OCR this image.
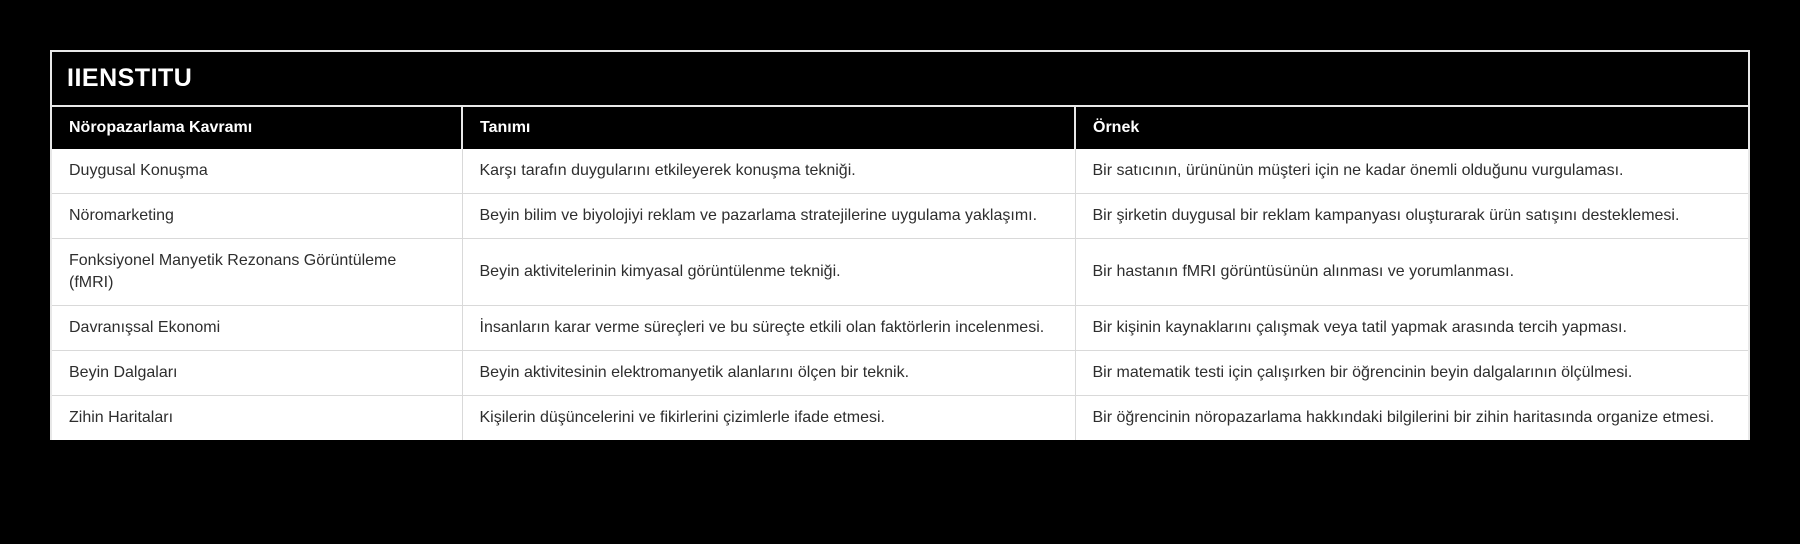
IIENSTITU
Nöropazarlama Kavramı	Tanımı	Örnek
Duygusal Konuşma	Karşı tarafın duygularını etkileyerek konuşma tekniği.	Bir satıcının, ürününün müşteri için ne kadar önemli olduğunu vurgulaması.
Nöromarketing	Beyin bilim ve biyolojiyi reklam ve pazarlama stratejilerine uygulama yaklaşımı.	Bir şirketin duygusal bir reklam kampanyası oluşturarak ürün satışını desteklemesi.
Fonksiyonel Manyetik Rezonans Görüntüleme (fMRI)	Beyin aktivitelerinin kimyasal görüntülenme tekniği.	Bir hastanın fMRI görüntüsünün alınması ve yorumlanması.
Davranışsal Ekonomi	İnsanların karar verme süreçleri ve bu süreçte etkili olan faktörlerin incelenmesi.	Bir kişinin kaynaklarını çalışmak veya tatil yapmak arasında tercih yapması.
Beyin Dalgaları	Beyin aktivitesinin elektromanyetik alanlarını ölçen bir teknik.	Bir matematik testi için çalışırken bir öğrencinin beyin dalgalarının ölçülmesi.
Zihin Haritaları	Kişilerin düşüncelerini ve fikirlerini çizimlerle ifade etmesi.	Bir öğrencinin nöropazarlama hakkındaki bilgilerini bir zihin haritasında organize etmesi.
